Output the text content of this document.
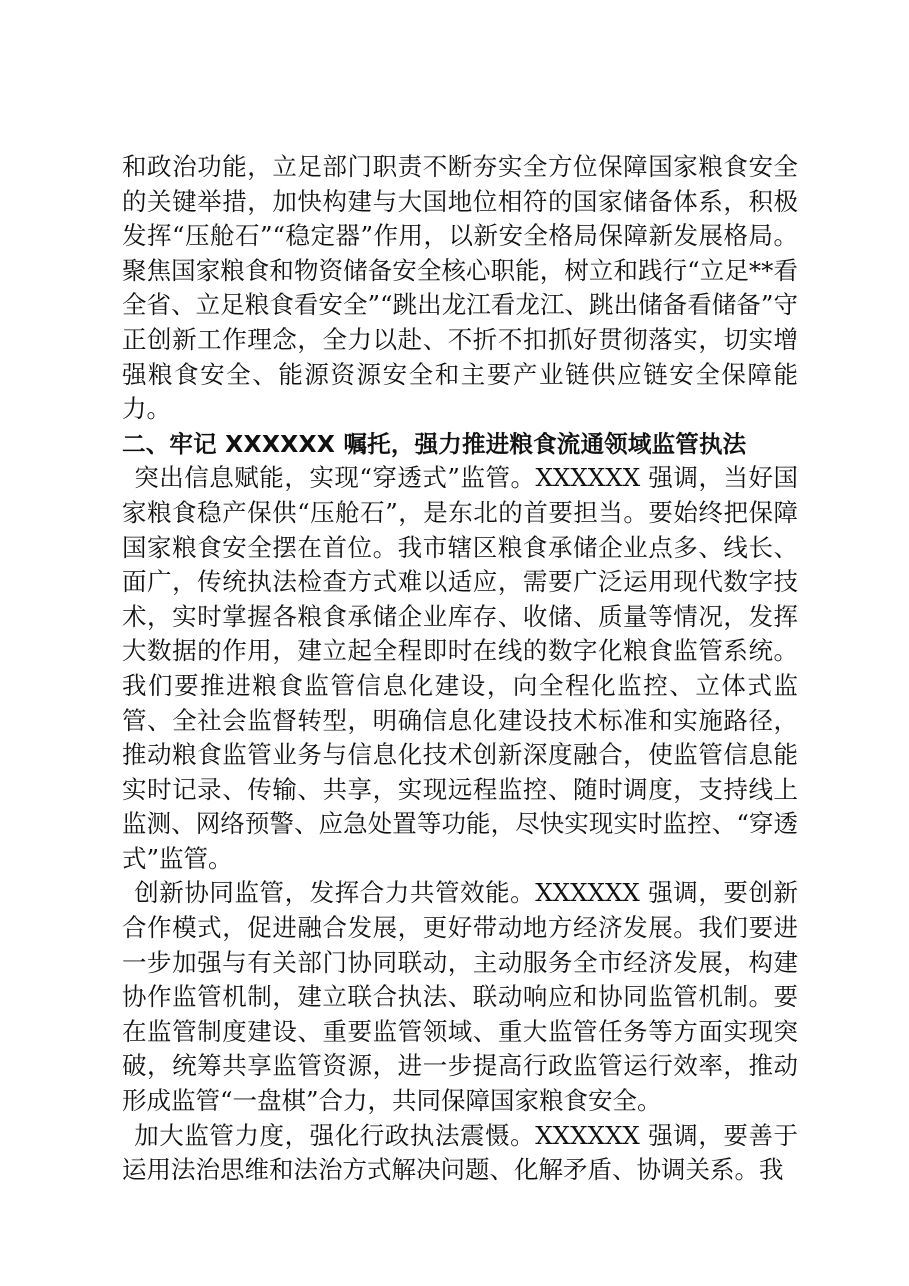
和政治功能，立足部门职责不断夯实全方位保障国家粮食安全的关键举措，加快构建与大国地位相符的国家储备体系，积极发挥“压舱石”“稳定器”作用，以新安全格局保障新发展格局。聚焦国家粮食和物资储备安全核心职能，树立和践行“立足**看全省、立足粮食看安全”“跳出龙江看龙江、跳出储备看储备”守正创新工作理念，全力以赴、不折不扣抓好贯彻落实，切实增强粮食安全、能源资源安全和主要产业链供应链安全保障能力。

二、牢记 XXXXXX 嘱托，强力推进粮食流通领域监管执法

突出信息赋能，实现“穿透式”监管。XXXXXX 强调，当好国家粮食稳产保供“压舱石”，是东北的首要担当。要始终把保障国家粮食安全摆在首位。我市辖区粮食承储企业点多、线长、面广，传统执法检查方式难以适应，需要广泛运用现代数字技术，实时掌握各粮食承储企业库存、收储、质量等情况，发挥大数据的作用，建立起全程即时在线的数字化粮食监管系统。我们要推进粮食监管信息化建设，向全程化监控、立体式监管、全社会监督转型，明确信息化建设技术标准和实施路径，推动粮食监管业务与信息化技术创新深度融合，使监管信息能实时记录、传输、共享，实现远程监控、随时调度，支持线上监测、网络预警、应急处置等功能，尽快实现实时监控、“穿透式”监管。

创新协同监管，发挥合力共管效能。XXXXXX 强调，要创新合作模式，促进融合发展，更好带动地方经济发展。我们要进一步加强与有关部门协同联动，主动服务全市经济发展，构建协作监管机制，建立联合执法、联动响应和协同监管机制。要在监管制度建设、重要监管领域、重大监管任务等方面实现突破，统筹共享监管资源，进一步提高行政监管运行效率，推动形成监管“一盘棋”合力，共同保障国家粮食安全。

加大监管力度，强化行政执法震慑。XXXXXX 强调，要善于运用法治思维和法治方式解决问题、化解矛盾、协调关系。我
